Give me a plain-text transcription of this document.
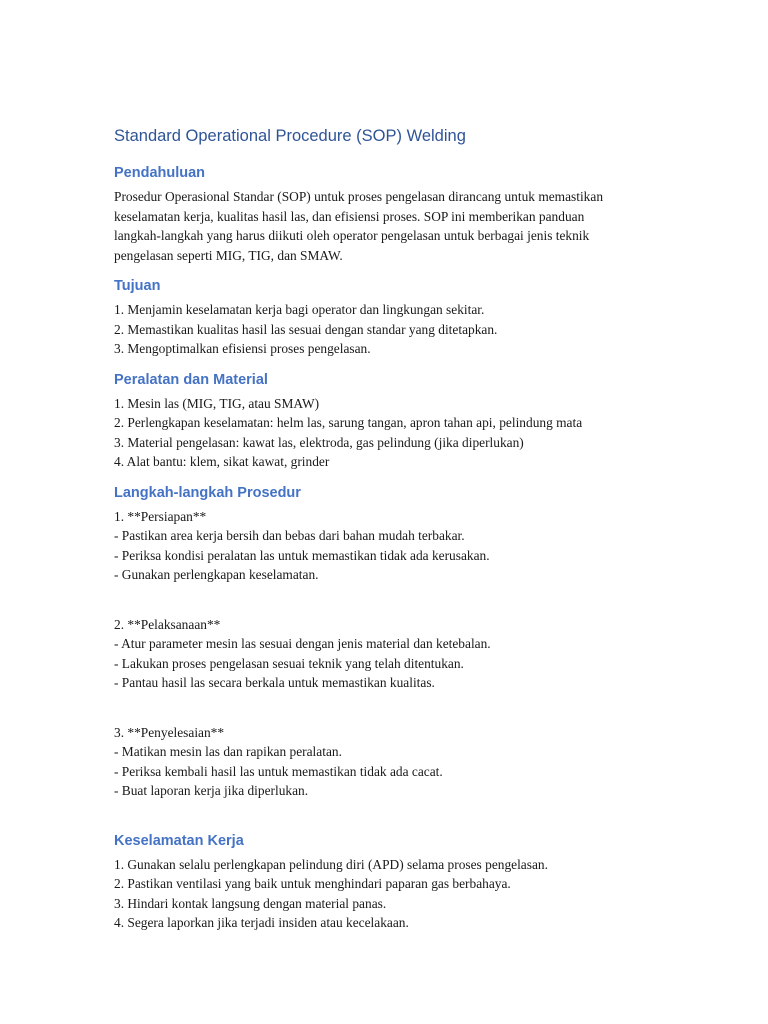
Standard Operational Procedure (SOP) Welding
Pendahuluan

Prosedur Operasional Standar (SOP) untuk proses pengelasan dirancang untuk memastikan

keselamatan kerja, kualitas hasil las, dan efisiensi proses. SOP ini memberikan panduan

langkah-langkah yang harus diikuti oleh operator pengelasan untuk berbagai jenis teknik

pengelasan seperti MIG, TIG, dan SMAW.

Tujuan

1. Menjamin keselamatan kerja bagi operator dan lingkungan sekitar.

2. Memastikan kualitas hasil las sesuai dengan standar yang ditetapkan.

3. Mengoptimalkan efisiensi proses pengelasan.

Peralatan dan Material

1. Mesin las (MIG, TIG, atau SMAW)

2. Perlengkapan keselamatan: helm las, sarung tangan, apron tahan api, pelindung mata

3. Material pengelasan: kawat las, elektroda, gas pelindung (jika diperlukan)

4. Alat bantu: klem, sikat kawat, grinder

Langkah-langkah Prosedur

1. **Persiapan**

- Pastikan area kerja bersih dan bebas dari bahan mudah terbakar.

- Periksa kondisi peralatan las untuk memastikan tidak ada kerusakan.

- Gunakan perlengkapan keselamatan.

2. **Pelaksanaan**

- Atur parameter mesin las sesuai dengan jenis material dan ketebalan.

- Lakukan proses pengelasan sesuai teknik yang telah ditentukan.

- Pantau hasil las secara berkala untuk memastikan kualitas.

3. **Penyelesaian**

- Matikan mesin las dan rapikan peralatan.

- Periksa kembali hasil las untuk memastikan tidak ada cacat.

- Buat laporan kerja jika diperlukan.

Keselamatan Kerja

1. Gunakan selalu perlengkapan pelindung diri (APD) selama proses pengelasan.

2. Pastikan ventilasi yang baik untuk menghindari paparan gas berbahaya.

3. Hindari kontak langsung dengan material panas.

4. Segera laporkan jika terjadi insiden atau kecelakaan.
